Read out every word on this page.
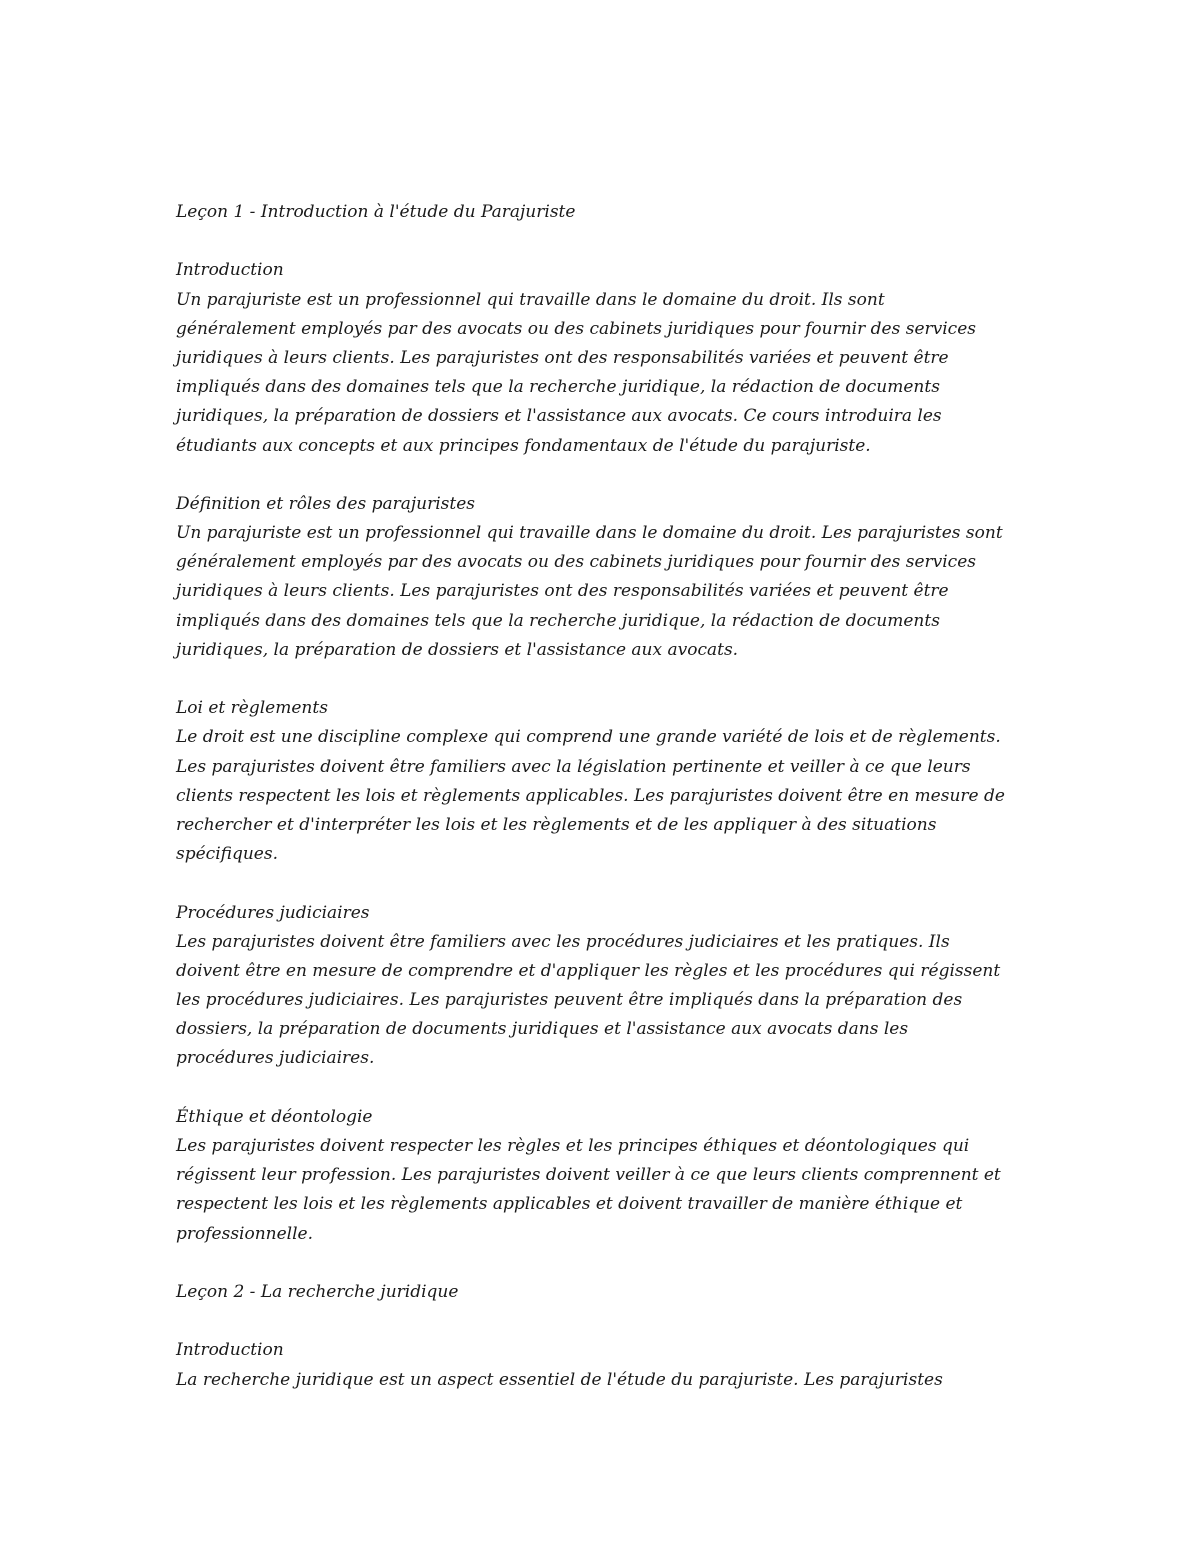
Leçon 1 - Introduction à l'étude du Parajuriste
Introduction
Un parajuriste est un professionnel qui travaille dans le domaine du droit. Ils sont
généralement employés par des avocats ou des cabinets juridiques pour fournir des services
juridiques à leurs clients. Les parajuristes ont des responsabilités variées et peuvent être
impliqués dans des domaines tels que la recherche juridique, la rédaction de documents
juridiques, la préparation de dossiers et l'assistance aux avocats. Ce cours introduira les
étudiants aux concepts et aux principes fondamentaux de l'étude du parajuriste.
Définition et rôles des parajuristes
Un parajuriste est un professionnel qui travaille dans le domaine du droit. Les parajuristes sont
généralement employés par des avocats ou des cabinets juridiques pour fournir des services
juridiques à leurs clients. Les parajuristes ont des responsabilités variées et peuvent être
impliqués dans des domaines tels que la recherche juridique, la rédaction de documents
juridiques, la préparation de dossiers et l'assistance aux avocats.
Loi et règlements
Le droit est une discipline complexe qui comprend une grande variété de lois et de règlements.
Les parajuristes doivent être familiers avec la législation pertinente et veiller à ce que leurs
clients respectent les lois et règlements applicables. Les parajuristes doivent être en mesure de
rechercher et d'interpréter les lois et les règlements et de les appliquer à des situations
spécifiques.
Procédures judiciaires
Les parajuristes doivent être familiers avec les procédures judiciaires et les pratiques. Ils
doivent être en mesure de comprendre et d'appliquer les règles et les procédures qui régissent
les procédures judiciaires. Les parajuristes peuvent être impliqués dans la préparation des
dossiers, la préparation de documents juridiques et l'assistance aux avocats dans les
procédures judiciaires.
Éthique et déontologie
Les parajuristes doivent respecter les règles et les principes éthiques et déontologiques qui
régissent leur profession. Les parajuristes doivent veiller à ce que leurs clients comprennent et
respectent les lois et les règlements applicables et doivent travailler de manière éthique et
professionnelle.
Leçon 2 - La recherche juridique
Introduction
La recherche juridique est un aspect essentiel de l'étude du parajuriste. Les parajuristes
